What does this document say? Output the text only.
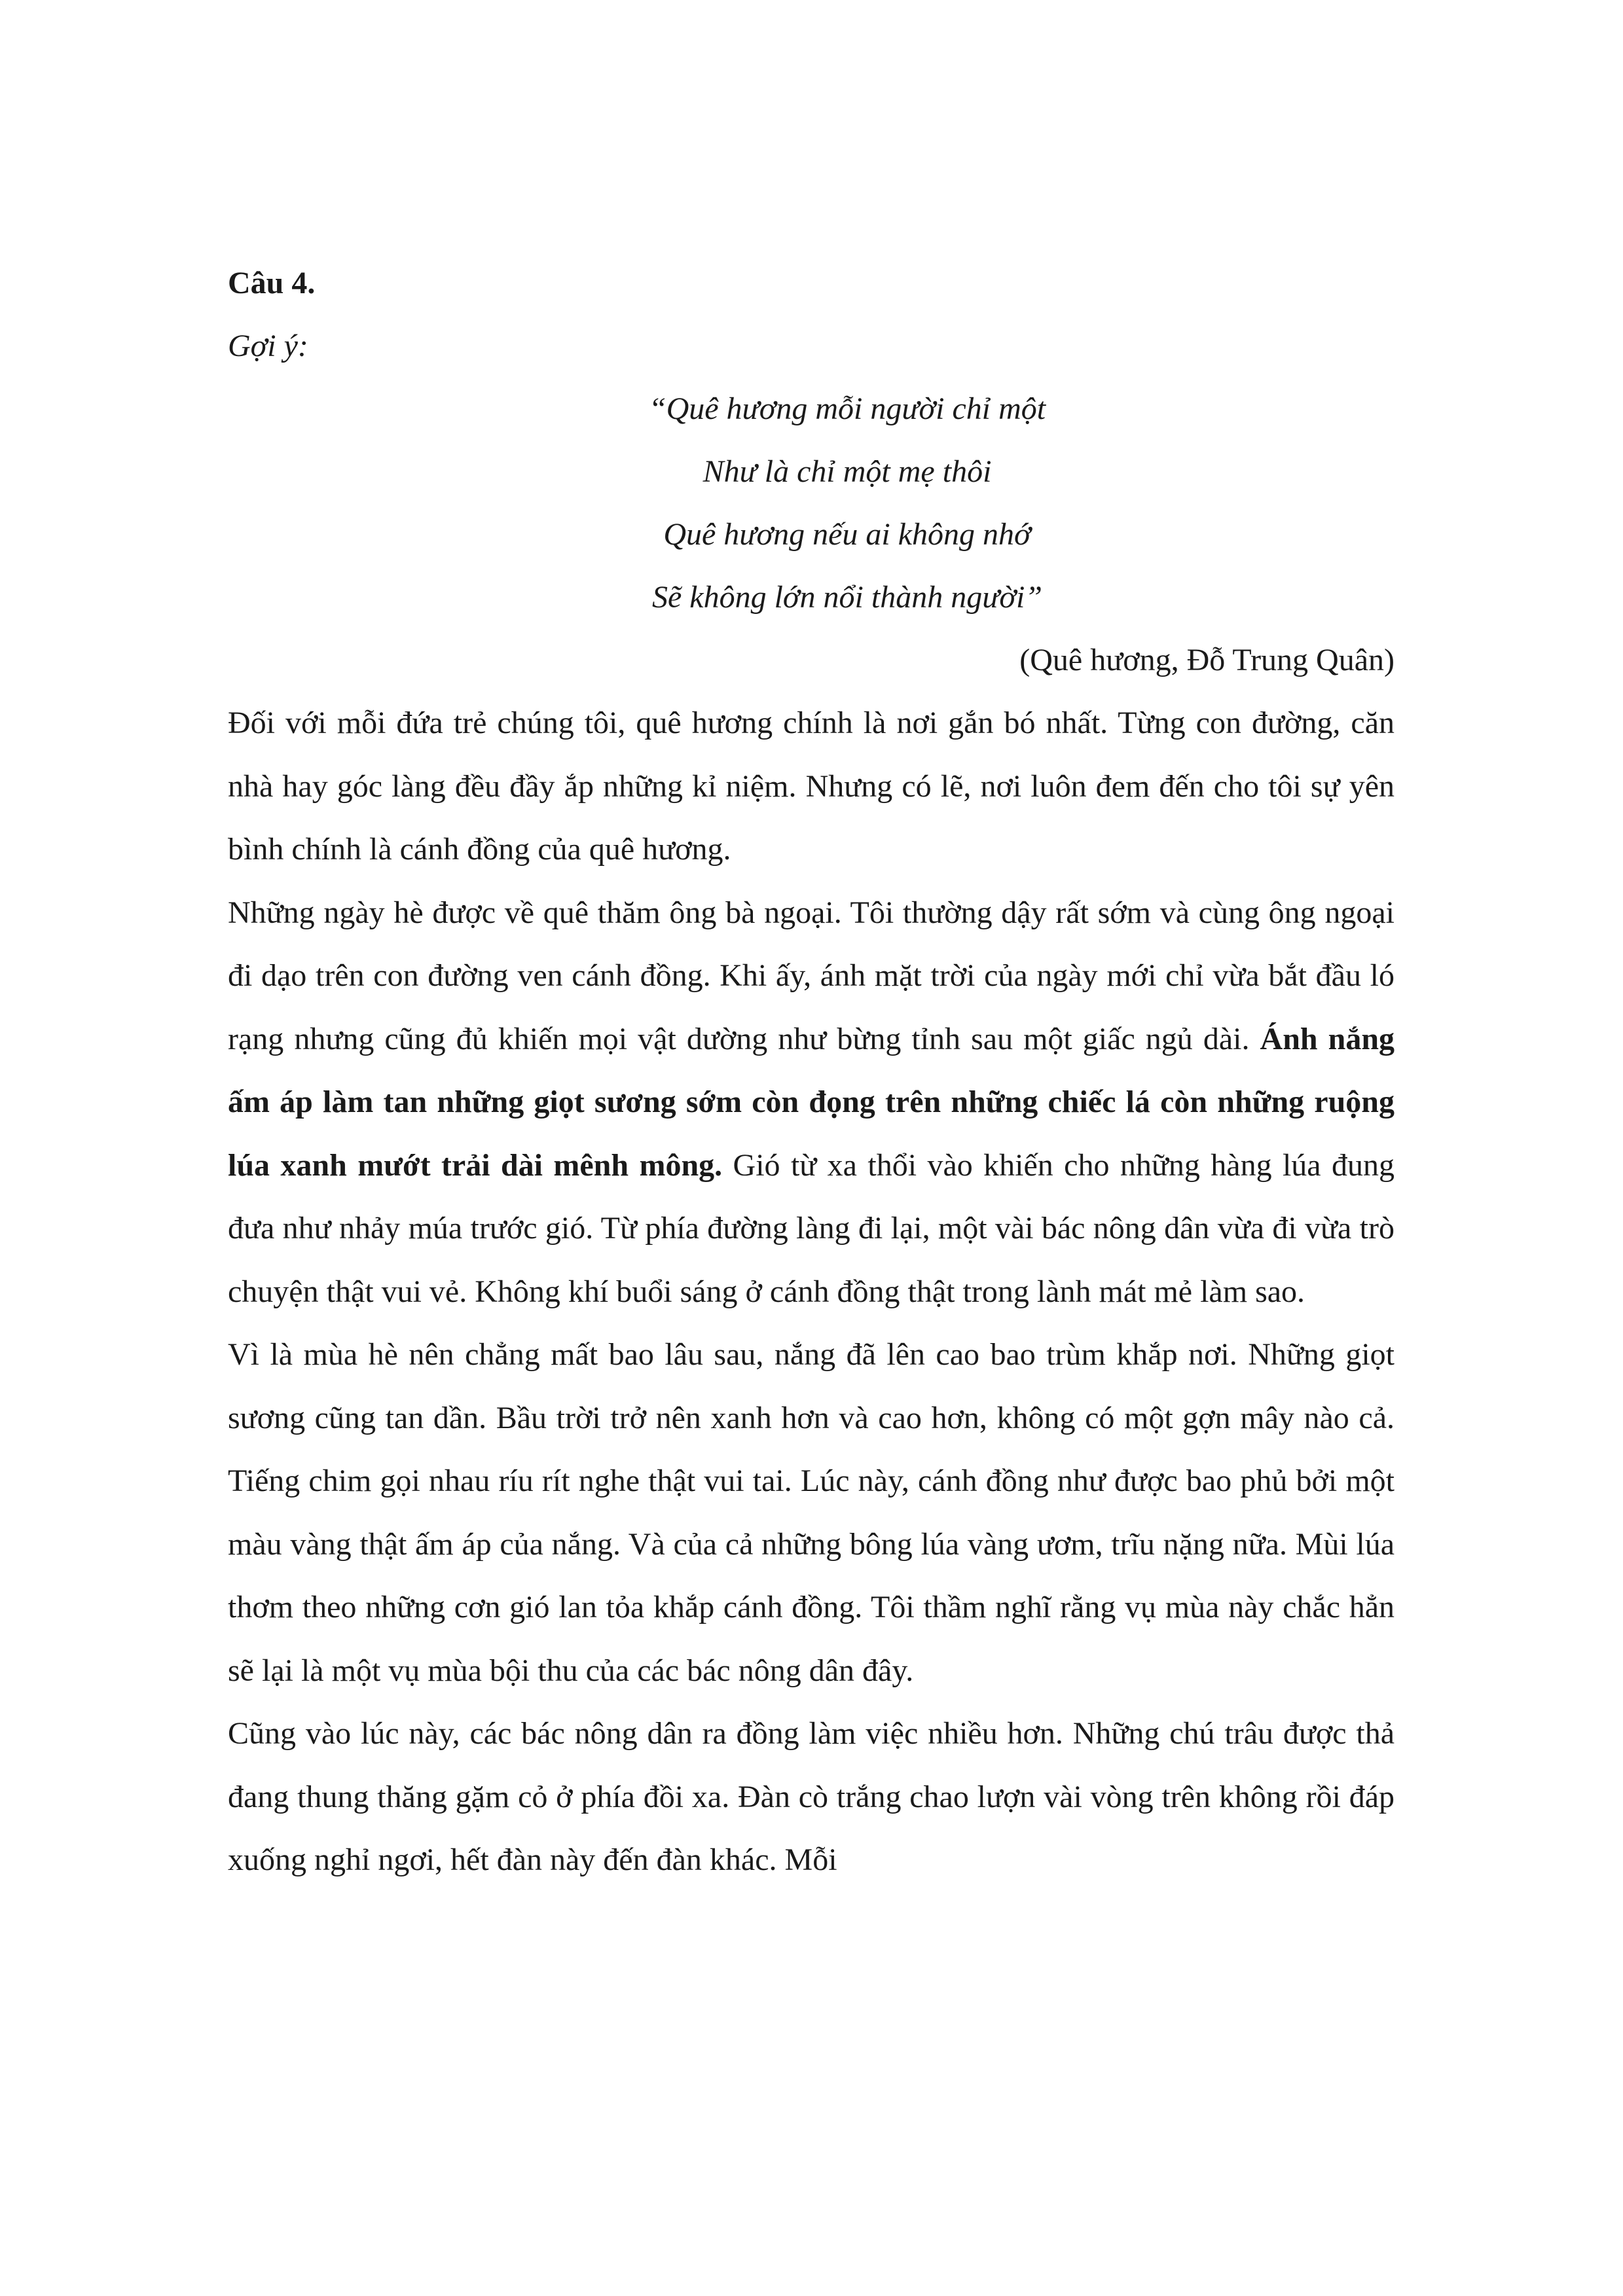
Câu 4.

Gợi ý:

“Quê hương mỗi người chỉ một
Như là chỉ một mẹ thôi
Quê hương nếu ai không nhớ
Sẽ không lớn nổi thành người”

(Quê hương, Đỗ Trung Quân)

Đối với mỗi đứa trẻ chúng tôi, quê hương chính là nơi gắn bó nhất. Từng con đường, căn nhà hay góc làng đều đầy ắp những kỉ niệm. Nhưng có lẽ, nơi luôn đem đến cho tôi sự yên bình chính là cánh đồng của quê hương.

Những ngày hè được về quê thăm ông bà ngoại. Tôi thường dậy rất sớm và cùng ông ngoại đi dạo trên con đường ven cánh đồng. Khi ấy, ánh mặt trời của ngày mới chỉ vừa bắt đầu ló rạng nhưng cũng đủ khiến mọi vật dường như bừng tỉnh sau một giấc ngủ dài. Ánh nắng ấm áp làm tan những giọt sương sớm còn đọng trên những chiếc lá còn những ruộng lúa xanh mướt trải dài mênh mông. Gió từ xa thổi vào khiến cho những hàng lúa đung đưa như nhảy múa trước gió. Từ phía đường làng đi lại, một vài bác nông dân vừa đi vừa trò chuyện thật vui vẻ. Không khí buổi sáng ở cánh đồng thật trong lành mát mẻ làm sao.

Vì là mùa hè nên chẳng mất bao lâu sau, nắng đã lên cao bao trùm khắp nơi. Những giọt sương cũng tan dần. Bầu trời trở nên xanh hơn và cao hơn, không có một gợn mây nào cả. Tiếng chim gọi nhau ríu rít nghe thật vui tai. Lúc này, cánh đồng như được bao phủ bởi một màu vàng thật ấm áp của nắng. Và của cả những bông lúa vàng ươm, trĩu nặng nữa. Mùi lúa thơm theo những cơn gió lan tỏa khắp cánh đồng. Tôi thầm nghĩ rằng vụ mùa này chắc hẳn sẽ lại là một vụ mùa bội thu của các bác nông dân đây.

Cũng vào lúc này, các bác nông dân ra đồng làm việc nhiều hơn. Những chú trâu được thả đang thung thăng gặm cỏ ở phía đồi xa. Đàn cò trắng chao lượn vài vòng trên không rồi đáp xuống nghỉ ngơi, hết đàn này đến đàn khác. Mỗi
